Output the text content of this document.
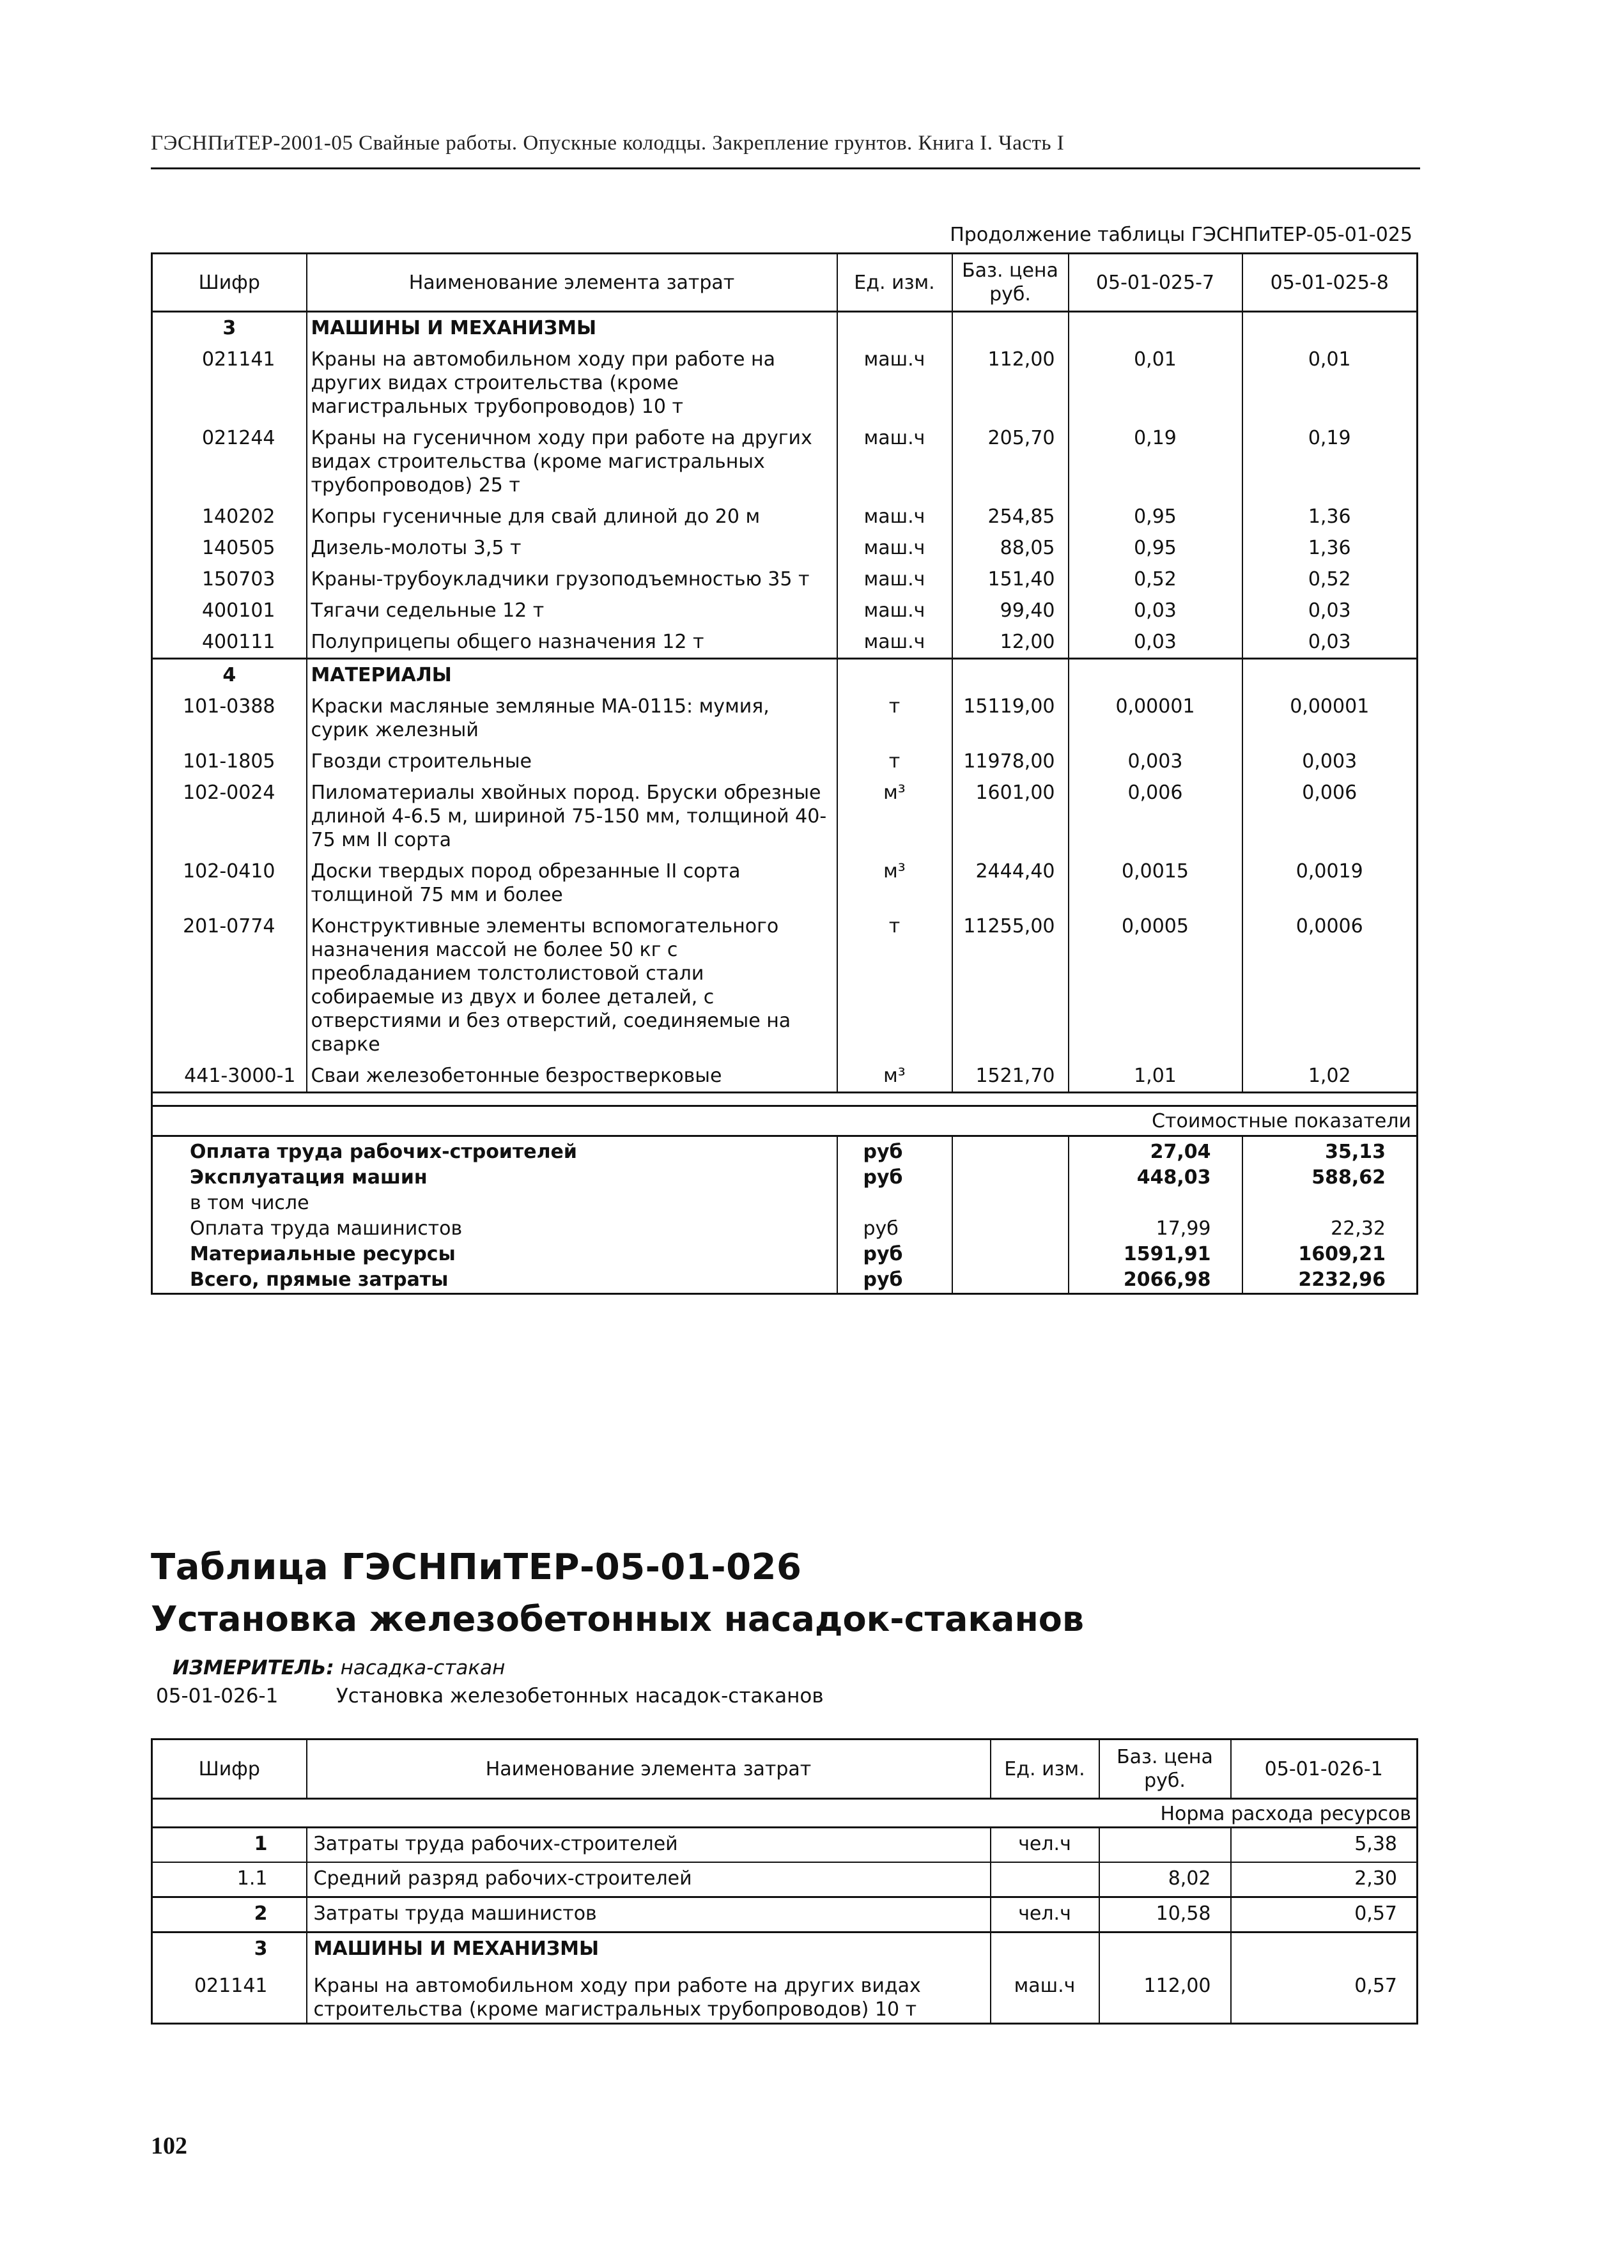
ГЭСНПиТЕР-2001-05 Свайные работы. Опускные колодцы. Закрепление грунтов. Книга I. Часть I
Продолжение таблицы ГЭСНПиТЕР-05-01-025
Шифр	Наименование элемента затрат	Ед. изм.	Баз. цена руб.	05-01-025-7	05-01-025-8
3	МАШИНЫ И МЕХАНИЗМЫ				
021141	Краны на автомобильном ходу при работе на других видах строительства (кроме магистральных трубопроводов) 10 т	маш.ч	112,00	0,01	0,01
021244	Краны на гусеничном ходу при работе на других видах строительства (кроме магистральных трубопроводов) 25 т	маш.ч	205,70	0,19	0,19
140202	Копры гусеничные для свай длиной до 20 м	маш.ч	254,85	0,95	1,36
140505	Дизель-молоты 3,5 т	маш.ч	88,05	0,95	1,36
150703	Краны-трубоукладчики грузоподъемностью 35 т	маш.ч	151,40	0,52	0,52
400101	Тягачи седельные 12 т	маш.ч	99,40	0,03	0,03
400111	Полуприцепы общего назначения 12 т	маш.ч	12,00	0,03	0,03
4	МАТЕРИАЛЫ				
101-0388	Краски масляные земляные МА-0115: мумия, сурик железный	т	15119,00	0,00001	0,00001
101-1805	Гвозди строительные	т	11978,00	0,003	0,003
102-0024	Пиломатериалы хвойных пород. Бруски обрезные длиной 4-6.5 м, шириной 75-150 мм, толщиной 40-75 мм II сорта	м³	1601,00	0,006	0,006
102-0410	Доски твердых пород обрезанные II сорта толщиной 75 мм и более	м³	2444,40	0,0015	0,0019
201-0774	Конструктивные элементы вспомогательного назначения массой не более 50 кг с преобладанием толстолистовой стали собираемые из двух и более деталей, с отверстиями и без отверстий, соединяемые на сварке	т	11255,00	0,0005	0,0006
441-3000-1	Сваи железобетонные безростверковые	м³	1521,70	1,01	1,02

Стоимостные показатели					
Оплата труда рабочих-строителей		руб		27,04	35,13
Эксплуатация машин		руб		448,03	588,62
в том числе					
Оплата труда машинистов		руб		17,99	22,32
Материальные ресурсы		руб		1591,91	1609,21
Всего, прямые затраты		руб		2066,98	2232,96
Таблица ГЭСНПиТЕР-05-01-026
Установка железобетонных насадок-стаканов
ИЗМЕРИТЕЛЬ: насадка-стакан
05-01-026-1	Установка железобетонных насадок-стаканов
Шифр	Наименование элемента затрат	Ед. изм.	Баз. цена руб.	05-01-026-1
Норма расхода ресурсов				
1	Затраты труда рабочих-строителей	чел.ч		5,38
1.1	Средний разряд рабочих-строителей		8,02	2,30
2	Затраты труда машинистов	чел.ч	10,58	0,57
3	МАШИНЫ И МЕХАНИЗМЫ			
021141	Краны на автомобильном ходу при работе на других видах строительства (кроме магистральных трубопроводов) 10 т	маш.ч	112,00	0,57
102
